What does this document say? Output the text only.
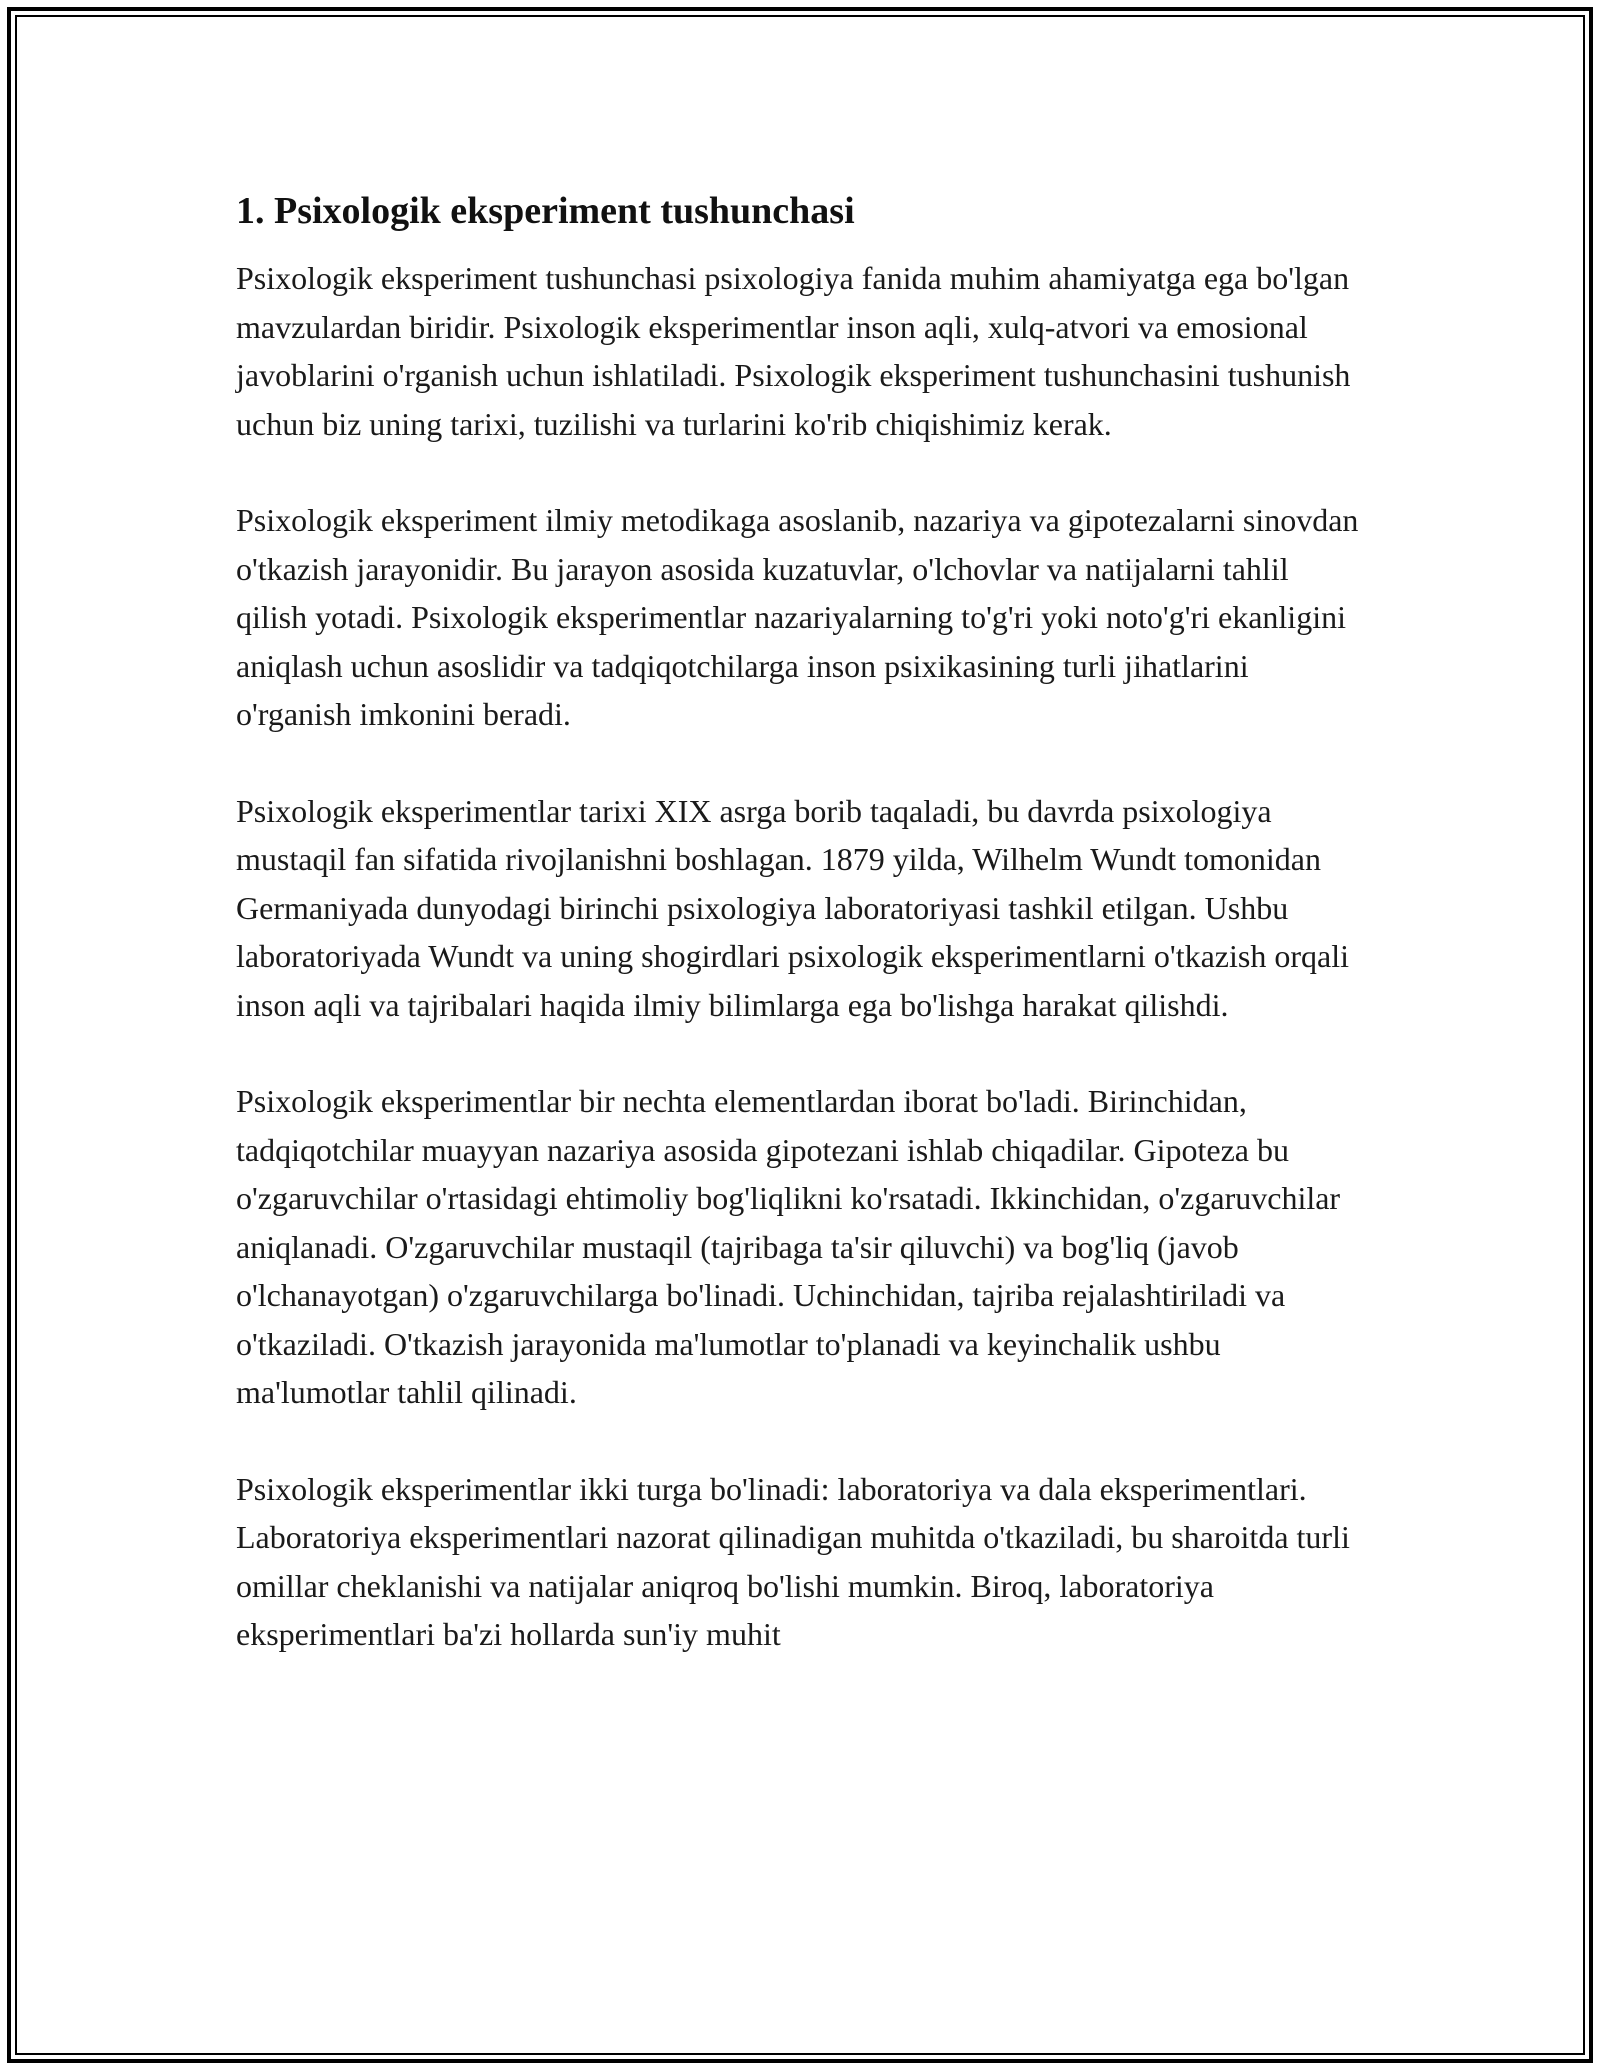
1. Psixologik eksperiment tushunchasi

Psixologik eksperiment tushunchasi psixologiya fanida muhim ahamiyatga ega bo'lgan mavzulardan biridir. Psixologik eksperimentlar inson aqli, xulq-atvori va emosional javoblarini o'rganish uchun ishlatiladi. Psixologik eksperiment tushunchasini tushunish uchun biz uning tarixi, tuzilishi va turlarini ko'rib chiqishimiz kerak.

Psixologik eksperiment ilmiy metodikaga asoslanib, nazariya va gipotezalarni sinovdan o'tkazish jarayonidir. Bu jarayon asosida kuzatuvlar, o'lchovlar va natijalarni tahlil qilish yotadi. Psixologik eksperimentlar nazariyalarning to'g'ri yoki noto'g'ri ekanligini aniqlash uchun asoslidir va tadqiqotchilarga inson psixikasining turli jihatlarini o'rganish imkonini beradi.

Psixologik eksperimentlar tarixi XIX asrga borib taqaladi, bu davrda psixologiya mustaqil fan sifatida rivojlanishni boshlagan. 1879 yilda, Wilhelm Wundt tomonidan Germaniyada dunyodagi birinchi psixologiya laboratoriyasi tashkil etilgan. Ushbu laboratoriyada Wundt va uning shogirdlari psixologik eksperimentlarni o'tkazish orqali inson aqli va tajribalari haqida ilmiy bilimlarga ega bo'lishga harakat qilishdi.

Psixologik eksperimentlar bir nechta elementlardan iborat bo'ladi. Birinchidan, tadqiqotchilar muayyan nazariya asosida gipotezani ishlab chiqadilar. Gipoteza bu o'zgaruvchilar o'rtasidagi ehtimoliy bog'liqlikni ko'rsatadi. Ikkinchidan, o'zgaruvchilar aniqlanadi. O'zgaruvchilar mustaqil (tajribaga ta'sir qiluvchi) va bog'liq (javob o'lchanayotgan) o'zgaruvchilarga bo'linadi. Uchinchidan, tajriba rejalashtiriladi va o'tkaziladi. O'tkazish jarayonida ma'lumotlar to'planadi va keyinchalik ushbu ma'lumotlar tahlil qilinadi.

Psixologik eksperimentlar ikki turga bo'linadi: laboratoriya va dala eksperimentlari. Laboratoriya eksperimentlari nazorat qilinadigan muhitda o'tkaziladi, bu sharoitda turli omillar cheklanishi va natijalar aniqroq bo'lishi mumkin. Biroq, laboratoriya eksperimentlari ba'zi hollarda sun'iy muhit
